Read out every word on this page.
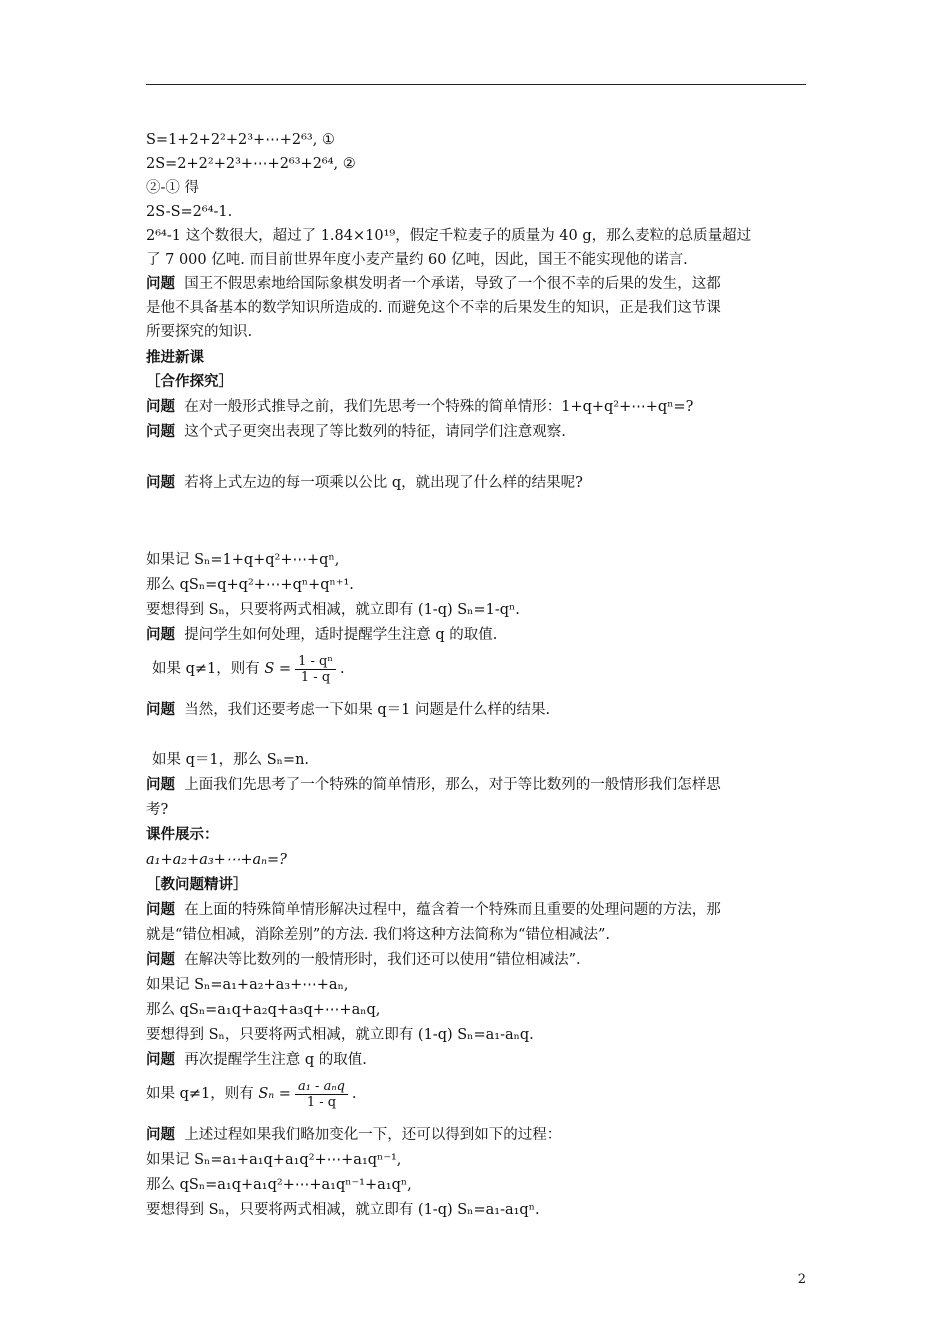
S=1+2+2²+2³+⋯+2⁶³, ①
2S=2+2²+2³+⋯+2⁶³+2⁶⁴, ②
②-① 得
2S-S=2⁶⁴-1.
2⁶⁴-1 这个数很大，超过了 1.84×10¹⁹，假定千粒麦子的质量为 40 g，那么麦粒的总质量超过
了 7 000 亿吨. 而目前世界年度小麦产量约 60 亿吨，因此，国王不能实现他的诺言.
问题 国王不假思索地给国际象棋发明者一个承诺，导致了一个很不幸的后果的发生，这都
是他不具备基本的数学知识所造成的. 而避免这个不幸的后果发生的知识，正是我们这节课
所要探究的知识.
推进新课
［合作探究］
问题 在对一般形式推导之前，我们先思考一个特殊的简单情形：1+q+q²+⋯+qⁿ=?
问题 这个式子更突出表现了等比数列的特征，请同学们注意观察.
问题 若将上式左边的每一项乘以公比 q，就出现了什么样的结果呢?
如果记 Sₙ=1+q+q²+⋯+qⁿ,
那么 qSₙ=q+q²+⋯+qⁿ+qⁿ⁺¹.
要想得到 Sₙ，只要将两式相减，就立即有 (1-q) Sₙ=1-qⁿ.
问题 提问学生如何处理，适时提醒学生注意 q 的取值.
如果 q≠1，则有 $S = \frac{\text{1 - qⁿ}}{1 - q}$ .
问题 当然，我们还要考虑一下如果 q＝1 问题是什么样的结果.
如果 q＝1，那么 Sₙ=n.
问题 上面我们先思考了一个特殊的简单情形，那么，对于等比数列的一般情形我们怎样思
考?
课件展示：
a₁+a₂+a₃+⋯+aₙ=?
［教问题精讲］
问题 在上面的特殊简单情形解决过程中，蕴含着一个特殊而且重要的处理问题的方法，那
就是“错位相减，消除差别”的方法. 我们将这种方法简称为“错位相减法”.
问题 在解决等比数列的一般情形时，我们还可以使用“错位相减法”.
如果记 Sₙ=a₁+a₂+a₃+⋯+aₙ,
那么 qSₙ=a₁q+a₂q+a₃q+⋯+aₙq,
要想得到 Sₙ，只要将两式相减，就立即有 (1-q) Sₙ=a₁-aₙq.
问题 再次提醒学生注意 q 的取值.
如果 q≠1，则有 $S_n = \frac{\text{a₁ - aₙq}}{1 - q}$ .
问题 上述过程如果我们略加变化一下，还可以得到如下的过程：
如果记 Sₙ=a₁+a₁q+a₁q²+⋯+a₁qⁿ⁻¹,
那么 qSₙ=a₁q+a₁q²+⋯+a₁qⁿ⁻¹+a₁qⁿ,
要想得到 Sₙ，只要将两式相减，就立即有 (1-q) Sₙ=a₁-a₁qⁿ.
2
